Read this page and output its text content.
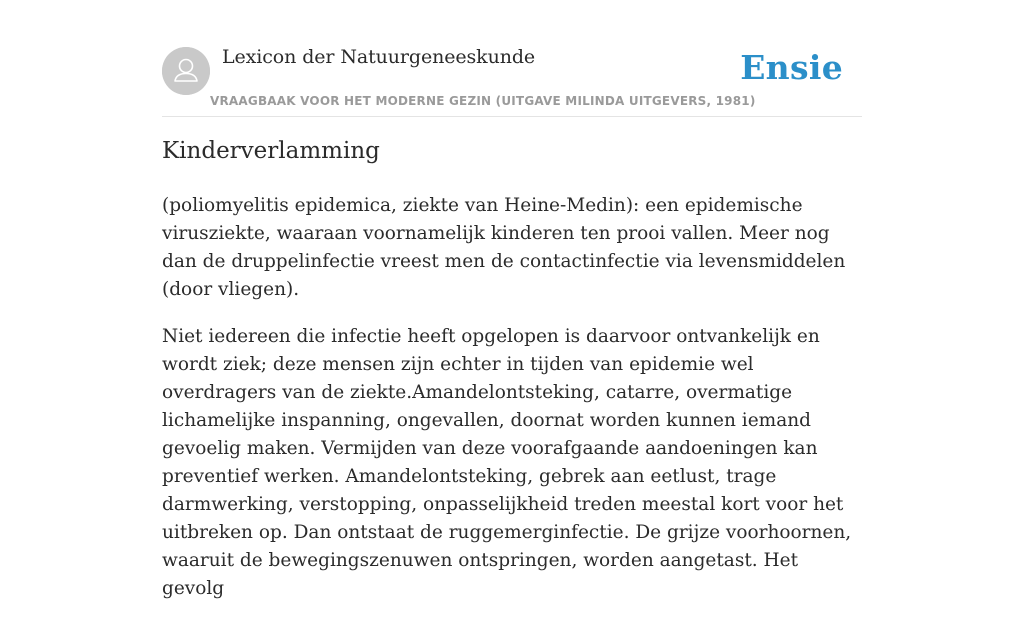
Lexicon der Natuurgeneeskunde
VRAAGBAAK VOOR HET MODERNE GEZIN (UITGAVE MILINDA UITGEVERS, 1981)
Ensie
Kinderverlamming

(poliomyelitis epidemica, ziekte van Heine-Medin): een epidemische virusziekte, waaraan voornamelijk kinderen ten prooi vallen. Meer nog dan de druppelinfectie vreest men de contactinfectie via levensmiddelen (door vliegen).

Niet iedereen die infectie heeft opgelopen is daarvoor ontvankelijk en wordt ziek; deze mensen zijn echter in tijden van epidemie wel overdragers van de ziekte.Amandelontsteking, catarre, overmatige lichamelijke inspanning, ongevallen, doornat worden kunnen iemand gevoelig maken. Vermijden van deze voorafgaande aandoeningen kan preventief werken. Amandelontsteking, gebrek aan eetlust, trage darmwerking, verstopping, onpasselijkheid treden meestal kort voor het uitbreken op. Dan ontstaat de ruggemerginfectie. De grijze voorhoornen, waaruit de bewegingszenuwen ontspringen, worden aangetast. Het gevolg
